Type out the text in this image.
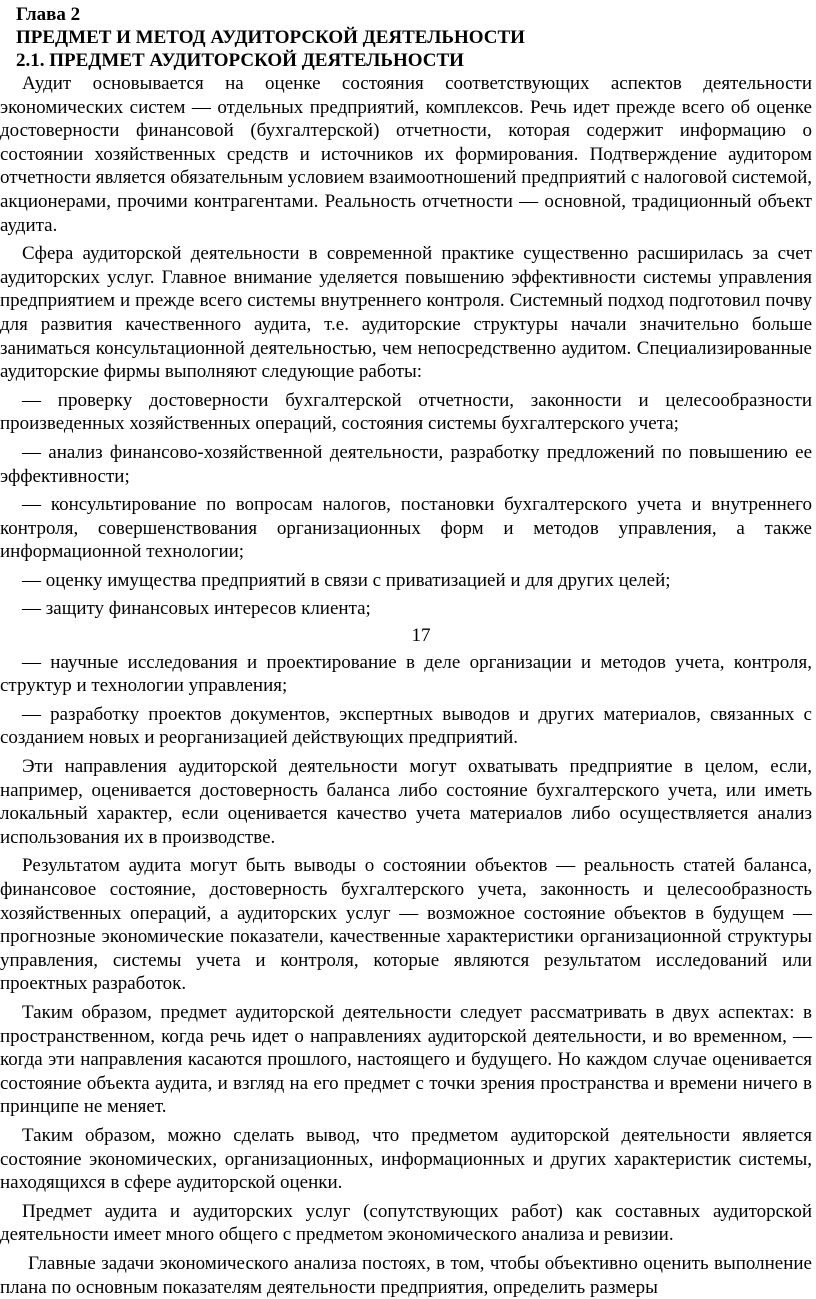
Глава 2
ПРЕДМЕТ И МЕТОД АУДИТОРСКОЙ ДЕЯТЕЛЬНОСТИ
2.1. ПРЕДМЕТ АУДИТОРСКОЙ ДЕЯТЕЛЬНОСТИ

Аудит основывается на оценке состояния соответствующих аспектов деятельности экономических систем — отдельных предприятий, комплексов. Речь идет прежде всего об оценке достоверности финансовой (бухгалтерской) отчетности, которая содержит информацию о состоянии хозяйственных средств и источников их формирования. Подтверждение аудитором отчетности является обязательным условием взаимоотношений предприятий с налоговой системой, акционерами, прочими контрагентами. Реальность отчетности — основной, традиционный объект аудита.

Сфера аудиторской деятельности в современной практике существенно расширилась за счет аудиторских услуг. Главное внимание уделяется повышению эффективности системы управления предприятием и прежде всего системы внутреннего контроля. Системный подход подготовил почву для развития качественного аудита, т.е. аудиторские структуры начали значительно больше заниматься консультационной деятельностью, чем непосредственно аудитом. Специализированные аудиторские фирмы выполняют следующие работы:

— проверку достоверности бухгалтерской отчетности, законности и целесообразности произведенных хозяйственных операций, состояния системы бухгалтерского учета;

— анализ финансово-хозяйственной деятельности, разработку предложений по повышению ее эффективности;

— консультирование по вопросам налогов, постановки бухгалтерского учета и внутреннего контроля, совершенствования организационных форм и методов управления, а также информационной технологии;

— оценку имущества предприятий в связи с приватизацией и для других целей;

— защиту финансовых интересов клиента;

17

— научные исследования и проектирование в деле организации и методов учета, контроля, структур и технологии управления;

— разработку проектов документов, экспертных выводов и других материалов, связанных с созданием новых и реорганизацией действующих предприятий.

Эти направления аудиторской деятельности могут охватывать предприятие в целом, если, например, оценивается достоверность баланса либо состояние бухгалтерского учета, или иметь локальный характер, если оценивается качество учета материалов либо осуществляется анализ использования их в производстве.

Результатом аудита могут быть выводы о состоянии объектов — реальность статей баланса, финансовое состояние, достоверность бухгалтерского учета, законность и целесообразность хозяйственных операций, а аудиторских услуг — возможное состояние объектов в будущем — прогнозные экономические показатели, качественные характеристики организационной структуры управления, системы учета и контроля, которые являются результатом исследований или проектных разработок.

Таким образом, предмет аудиторской деятельности следует рассматривать в двух аспектах: в пространственном, когда речь идет о направлениях аудиторской деятельности, и во временном, — когда эти направления касаются прошлого, настоящего и будущего. Но каждом случае оценивается состояние объекта аудита, и взгляд на его предмет с точки зрения пространства и времени ничего в принципе не меняет.

Таким образом, можно сделать вывод, что предметом аудиторской деятельности является состояние экономических, организационных, информационных и других характеристик системы, находящихся в сфере аудиторской оценки.

Предмет аудита и аудиторских услуг (сопутствующих работ) как составных аудиторской деятельности имеет много общего с предметом экономического анализа и ревизии.

Главные задачи экономического анализа постоях, в том, чтобы объективно оценить выполнение плана по основным показателям деятельности предприятия, определить размеры
